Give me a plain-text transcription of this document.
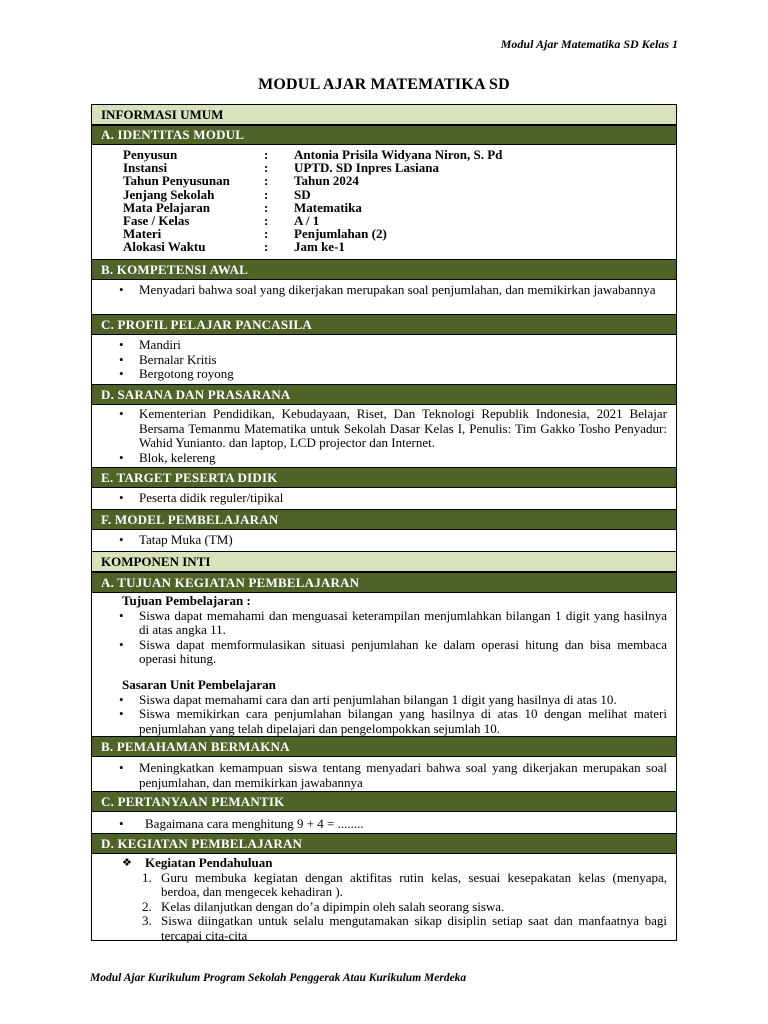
Modul Ajar Matematika SD Kelas 1
MODUL AJAR MATEMATIKA SD
INFORMASI UMUM
A. IDENTITAS MODUL
Penyusun	:	Antonia Prisila Widyana Niron, S. Pd
Instansi	:	UPTD. SD Inpres Lasiana
Tahun Penyusunan	:	Tahun 2024
Jenjang Sekolah	:	SD
Mata Pelajaran	:	Matematika
Fase / Kelas	:	A / 1
Materi	:	Penjumlahan (2)
Alokasi Waktu	:	Jam ke-1
B. KOMPETENSI AWAL
• Menyadari bahwa soal yang dikerjakan merupakan soal penjumlahan, dan memikirkan jawabannya
C. PROFIL PELAJAR PANCASILA
• Mandiri
• Bernalar Kritis
• Bergotong royong
D. SARANA DAN PRASARANA
• Kementerian Pendidikan, Kebudayaan, Riset, Dan Teknologi Republik Indonesia, 2021 Belajar Bersama Temanmu Matematika untuk Sekolah Dasar Kelas I, Penulis: Tim Gakko Tosho Penyadur: Wahid Yunianto. dan laptop, LCD projector dan Internet.
• Blok, kelereng
E. TARGET PESERTA DIDIK
• Peserta didik reguler/tipikal
F. MODEL PEMBELAJARAN
• Tatap Muka (TM)
KOMPONEN INTI
A. TUJUAN KEGIATAN PEMBELAJARAN
Tujuan Pembelajaran :
• Siswa dapat memahami dan menguasai keterampilan menjumlahkan bilangan 1 digit yang hasilnya di atas angka 11.
• Siswa dapat memformulasikan situasi penjumlahan ke dalam operasi hitung dan bisa membaca operasi hitung.
Sasaran Unit Pembelajaran
• Siswa dapat memahami cara dan arti penjumlahan bilangan 1 digit yang hasilnya di atas 10.
• Siswa memikirkan cara penjumlahan bilangan yang hasilnya di atas 10 dengan melihat materi penjumlahan yang telah dipelajari dan pengelompokkan sejumlah 10.
B. PEMAHAMAN BERMAKNA
• Meningkatkan kemampuan siswa tentang menyadari bahwa soal yang dikerjakan merupakan soal penjumlahan, dan memikirkan jawabannya
C. PERTANYAAN PEMANTIK
• Bagaimana cara menghitung 9 + 4 = ........
D. KEGIATAN PEMBELAJARAN
❖ Kegiatan Pendahuluan
1. Guru membuka kegiatan dengan aktifitas rutin kelas, sesuai kesepakatan kelas (menyapa, berdoa, dan mengecek kehadiran ).
2. Kelas dilanjutkan dengan do’a dipimpin oleh salah seorang siswa.
3. Siswa diingatkan untuk selalu mengutamakan sikap disiplin setiap saat dan manfaatnya bagi tercapai cita-cita
Modul Ajar Kurikulum Program Sekolah Penggerak Atau Kurikulum Merdeka
